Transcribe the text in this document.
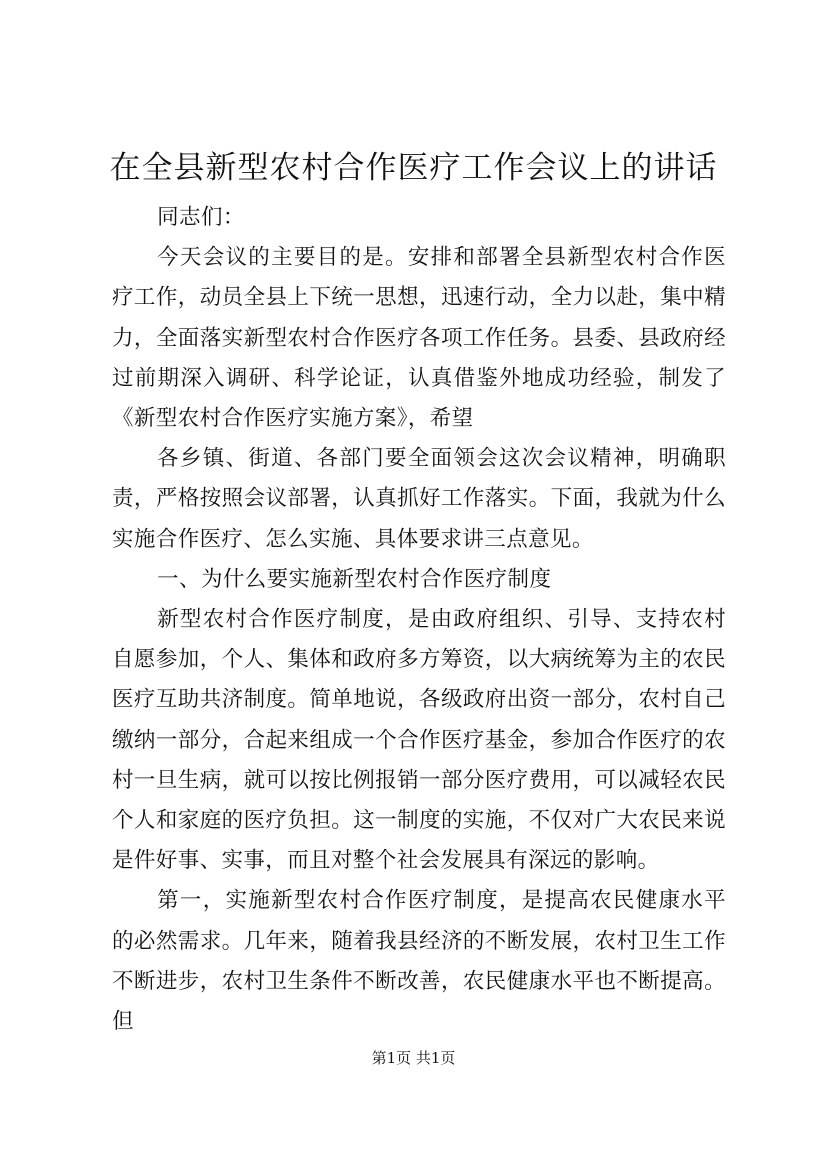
在全县新型农村合作医疗工作会议上的讲话

同志们：

今天会议的主要目的是。安排和部署全县新型农村合作医疗工作，动员全县上下统一思想，迅速行动，全力以赴，集中精力，全面落实新型农村合作医疗各项工作任务。县委、县政府经过前期深入调研、科学论证，认真借鉴外地成功经验，制发了《新型农村合作医疗实施方案》，希望

各乡镇、街道、各部门要全面领会这次会议精神，明确职责，严格按照会议部署，认真抓好工作落实。下面，我就为什么实施合作医疗、怎么实施、具体要求讲三点意见。

一、为什么要实施新型农村合作医疗制度

新型农村合作医疗制度，是由政府组织、引导、支持农村自愿参加，个人、集体和政府多方筹资，以大病统筹为主的农民医疗互助共济制度。简单地说，各级政府出资一部分，农村自己缴纳一部分，合起来组成一个合作医疗基金，参加合作医疗的农村一旦生病，就可以按比例报销一部分医疗费用，可以减轻农民个人和家庭的医疗负担。这一制度的实施，不仅对广大农民来说是件好事、实事，而且对整个社会发展具有深远的影响。

第一，实施新型农村合作医疗制度，是提高农民健康水平的必然需求。几年来，随着我县经济的不断发展，农村卫生工作不断进步，农村卫生条件不断改善，农民健康水平也不断提高。但

第1页 共1页
